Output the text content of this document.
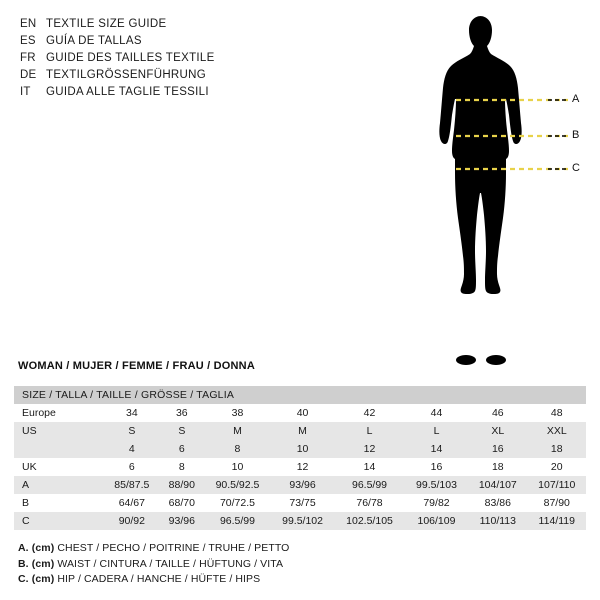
EN TEXTILE SIZE GUIDE
ES GUÍA DE TALLAS
FR GUIDE DES TAILLES TEXTILE
DE TEXTILGRÖSSENFÜHRUNG
IT	GUIDA ALLE TAGLIE TESSILI
A
B
C
WOMAN / MUJER / FEMME / FRAU / DONNA
SIZE / TALLA / TAILLE / GRÖSSE / TAGLIA								
Europe	34	36	38	40	42	44	46	48
US	S	S	M	M	L	L	XL	XXL
	4	6	8	10	12	14	16	18
UK	6	8	10	12	14	16	18	20
A	85/87.5	88/90	90.5/92.5	93/96	96.5/99	99.5/103	104/107	107/110
B	64/67	68/70	70/72.5	73/75	76/78	79/82	83/86	87/90
C	90/92	93/96	96.5/99	99.5/102	102.5/105	106/109	110/113	114/119
A. (cm) CHEST / PECHO / POITRINE / TRUHE / PETTO
B. (cm) WAIST / CINTURA / TAILLE / HÜFTUNG / VITA
C. (cm) HIP / CADERA / HANCHE / HÜFTE / HIPS
